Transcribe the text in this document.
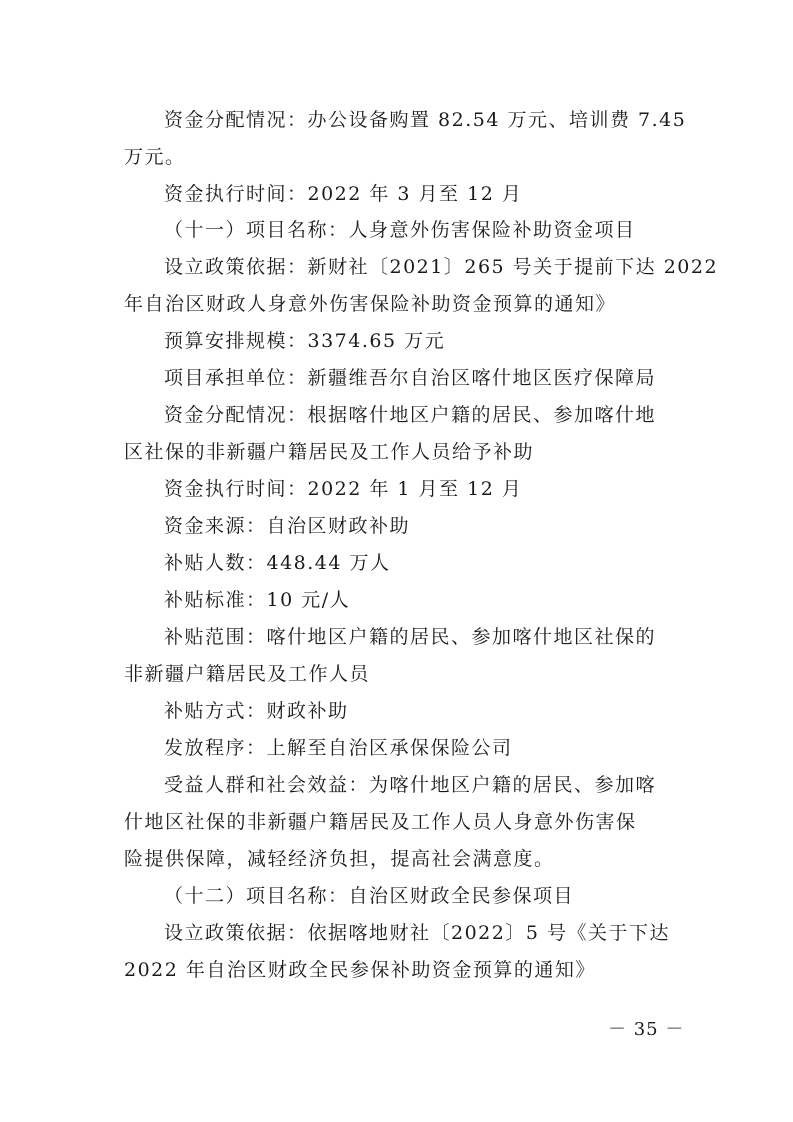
资金分配情况：办公设备购置 82.54 万元、培训费 7.45
万元。
资金执行时间：2022 年 3 月至 12 月
（十一）项目名称：人身意外伤害保险补助资金项目
设立政策依据：新财社〔2021〕265 号关于提前下达 2022
年自治区财政人身意外伤害保险补助资金预算的通知》
预算安排规模：3374.65 万元
项目承担单位：新疆维吾尔自治区喀什地区医疗保障局
资金分配情况：根据喀什地区户籍的居民、参加喀什地
区社保的非新疆户籍居民及工作人员给予补助
资金执行时间：2022 年 1 月至 12 月
资金来源：自治区财政补助
补贴人数：448.44 万人
补贴标准：10 元/人
补贴范围：喀什地区户籍的居民、参加喀什地区社保的
非新疆户籍居民及工作人员
补贴方式：财政补助
发放程序：上解至自治区承保保险公司
受益人群和社会效益：为喀什地区户籍的居民、参加喀
什地区社保的非新疆户籍居民及工作人员人身意外伤害保
险提供保障，减轻经济负担，提高社会满意度。
（十二）项目名称：自治区财政全民参保项目
设立政策依据：依据喀地财社〔2022〕5 号《关于下达
2022 年自治区财政全民参保补助资金预算的通知》
－ 35 －
